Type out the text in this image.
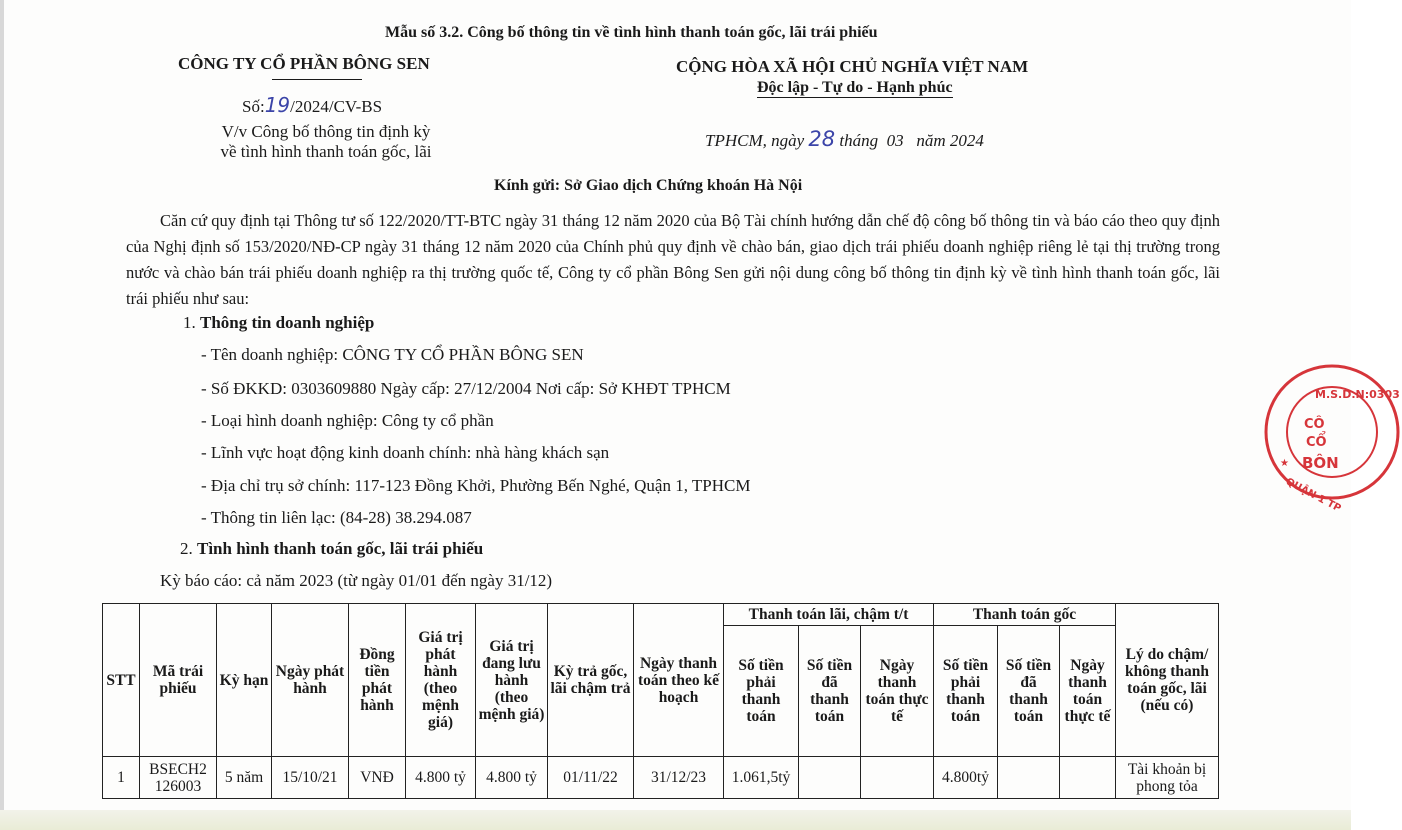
Mẫu số 3.2. Công bố thông tin về tình hình thanh toán gốc, lãi trái phiếu
CÔNG TY CỔ PHẦN BÔNG SEN
Số:19/2024/CV-BS
V/v Công bố thông tin định kỳ
về tình hình thanh toán gốc, lãi
CỘNG HÒA XÃ HỘI CHỦ NGHĨA VIỆT NAM
Độc lập - Tự do - Hạnh phúc
TPHCM, ngày 28 tháng  03   năm 2024
Kính gửi: Sở Giao dịch Chứng khoán Hà Nội

Căn cứ quy định tại Thông tư số 122/2020/TT-BTC ngày 31 tháng 12 năm 2020 của Bộ Tài chính hướng dẫn chế độ công bố thông tin và báo cáo theo quy định của Nghị định số 153/2020/NĐ-CP ngày 31 tháng 12 năm 2020 của Chính phủ quy định về chào bán, giao dịch trái phiếu doanh nghiệp riêng lẻ tại thị trường trong nước và chào bán trái phiếu doanh nghiệp ra thị trường quốc tế, Công ty cổ phần Bông Sen gửi nội dung công bố thông tin định kỳ về tình hình thanh toán gốc, lãi trái phiếu như sau:

1. Thông tin doanh nghiệp
- Tên doanh nghiệp: CÔNG TY CỔ PHẦN BÔNG SEN
- Số ĐKKD: 0303609880 Ngày cấp: 27/12/2004 Nơi cấp: Sở KHĐT TPHCM
- Loại hình doanh nghiệp: Công ty cổ phần
- Lĩnh vực hoạt động kinh doanh chính: nhà hàng khách sạn
- Địa chỉ trụ sở chính: 117-123 Đồng Khởi, Phường Bến Nghé, Quận 1, TPHCM
- Thông tin liên lạc: (84-28) 38.294.087
2. Tình hình thanh toán gốc, lãi trái phiếu
Kỳ báo cáo: cả năm 2023 (từ ngày 01/01 đến ngày 31/12)
STT	Mã trái phiếu	Kỳ hạn	Ngày phát hành	Đồng tiền phát hành	Giá trị phát hành (theo mệnh giá)	Giá trị đang lưu hành (theo mệnh giá)	Kỳ trả gốc, lãi chậm trả	Ngày thanh toán theo kế hoạch	Thanh toán lãi, chậm t/t			Thanh toán gốc			Lý do chậm/ không thanh toán gốc, lãi (nếu có)
									Số tiền phải thanh toán	Số tiền đã thanh toán	Ngày thanh toán thực tế	Số tiền phải thanh toán	Số tiền đã thanh toán	Ngày thanh toán thực tế	
1	BSECH2 126003	5 năm	15/10/21	VNĐ	4.800 tỷ	4.800 tỷ	01/11/22	31/12/23	1.061,5tỷ			4.800tỷ			Tài khoản bị phong tỏa
M.S.D.N:0303
CÔ
CỔ
BÔN
★
QUẬN 1 TP
